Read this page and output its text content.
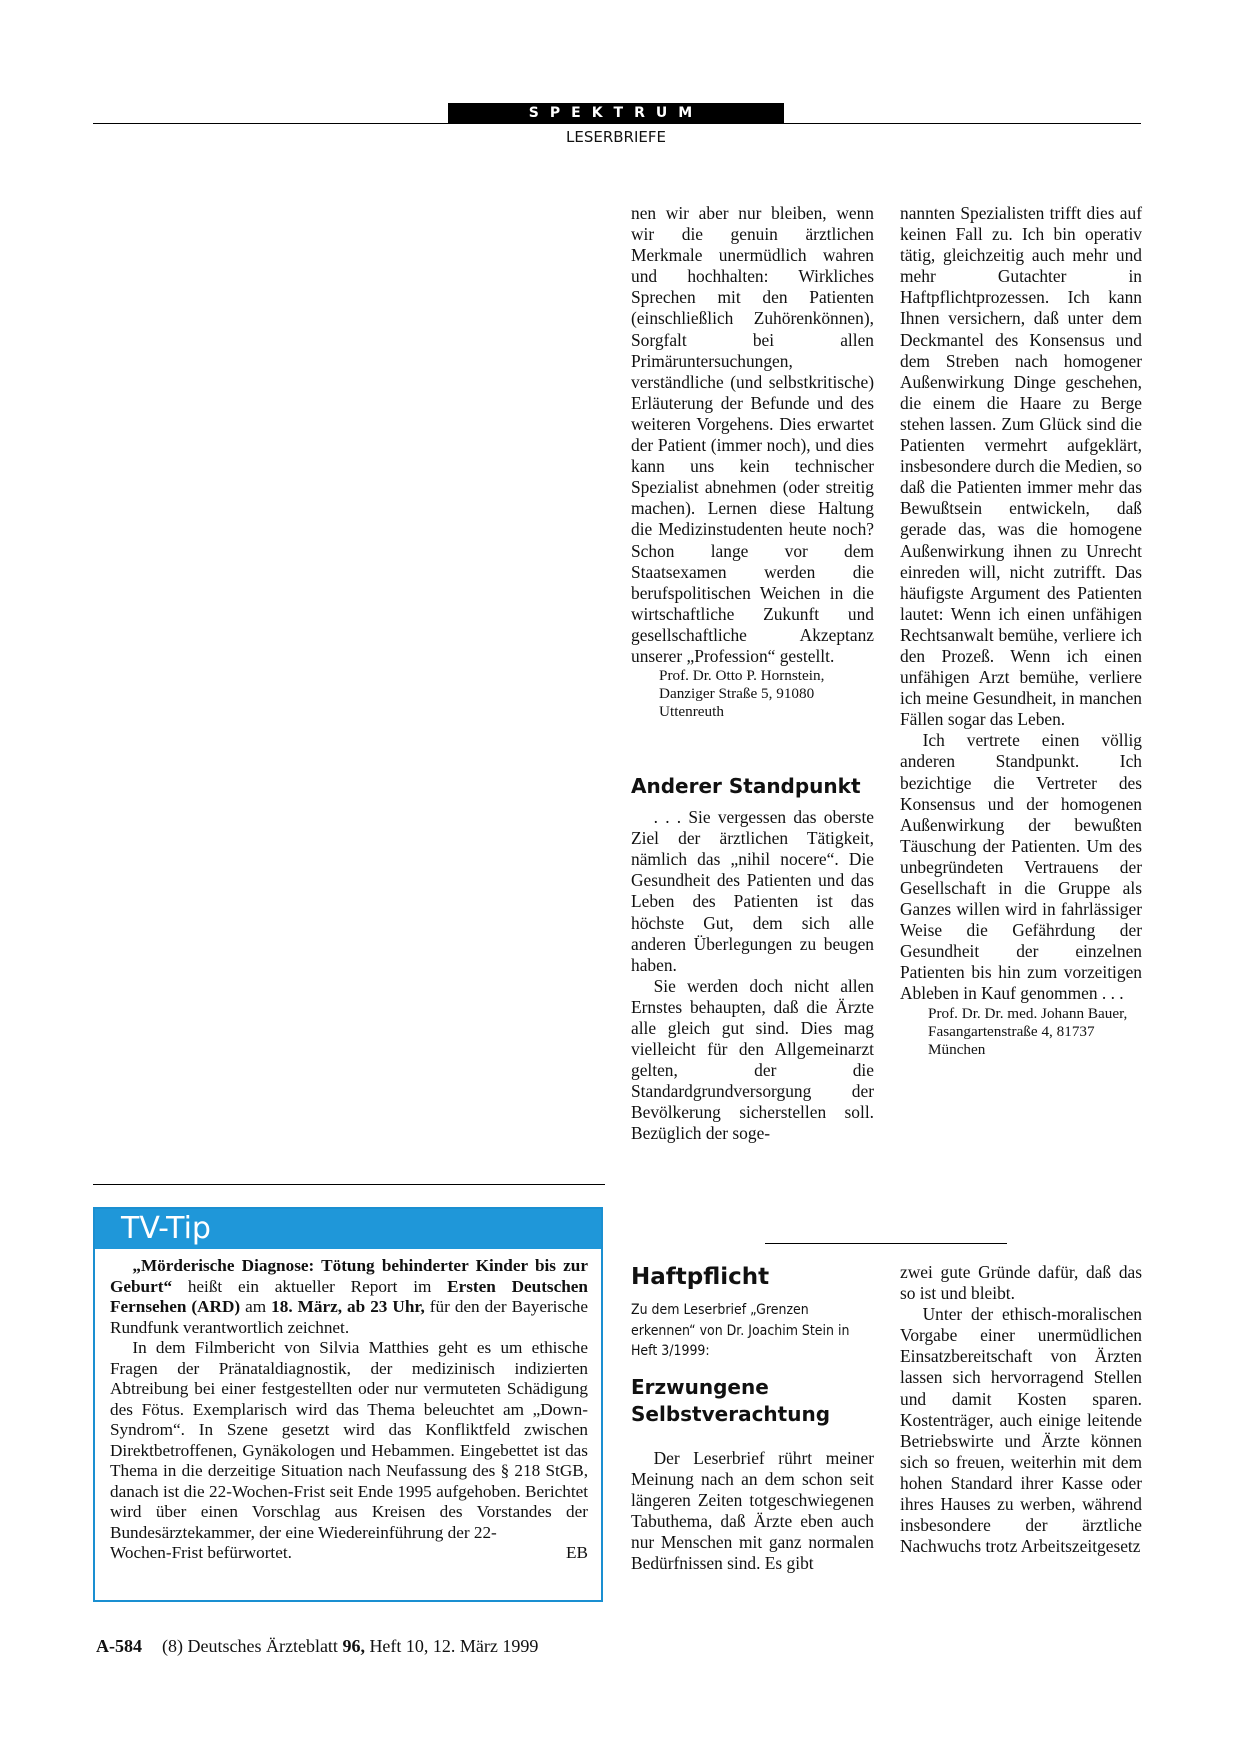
SPEKTRUM
LESERBRIEFE

nen wir aber nur bleiben, wenn wir die genuin ärztlichen Merkmale unermüdlich wahren und hochhalten: Wirkliches Sprechen mit den Patienten (einschließlich Zuhörenkönnen), Sorgfalt bei allen Primäruntersuchungen, verständliche (und selbstkritische) Erläuterung der Befunde und des weiteren Vorgehens. Dies erwartet der Patient (immer noch), und dies kann uns kein technischer Spezialist abnehmen (oder streitig machen). Lernen diese Haltung die Medizinstudenten heute noch? Schon lange vor dem Staatsexamen werden die berufspolitischen Weichen in die wirtschaftliche Zukunft und gesellschaftliche Akzeptanz unserer „Profession“ gestellt.

Prof. Dr. Otto P. Hornstein, Danziger Straße 5, 91080 Uttenreuth

Anderer Standpunkt

. . . Sie vergessen das oberste Ziel der ärztlichen Tätigkeit, nämlich das „nihil nocere“. Die Gesundheit des Patienten und das Leben des Patienten ist das höchste Gut, dem sich alle anderen Überlegungen zu beugen haben.

Sie werden doch nicht allen Ernstes behaupten, daß die Ärzte alle gleich gut sind. Dies mag vielleicht für den Allgemeinarzt gelten, der die Standardgrundversorgung der Bevölkerung sicherstellen soll. Bezüglich der soge-

nannten Spezialisten trifft dies auf keinen Fall zu. Ich bin operativ tätig, gleichzeitig auch mehr und mehr Gutachter in Haftpflichtprozessen. Ich kann Ihnen versichern, daß unter dem Deckmantel des Konsensus und dem Streben nach homogener Außenwirkung Dinge geschehen, die einem die Haare zu Berge stehen lassen. Zum Glück sind die Patienten vermehrt aufgeklärt, insbesondere durch die Medien, so daß die Patienten immer mehr das Bewußtsein entwickeln, daß gerade das, was die homogene Außenwirkung ihnen zu Unrecht einreden will, nicht zutrifft. Das häufigste Argument des Patienten lautet: Wenn ich einen unfähigen Rechtsanwalt bemühe, verliere ich den Prozeß. Wenn ich einen unfähigen Arzt bemühe, verliere ich meine Gesundheit, in manchen Fällen sogar das Leben.

Ich vertrete einen völlig anderen Standpunkt. Ich bezichtige die Vertreter des Konsensus und der homogenen Außenwirkung der bewußten Täuschung der Patienten. Um des unbegründeten Vertrauens der Gesellschaft in die Gruppe als Ganzes willen wird in fahrlässiger Weise die Gefährdung der Gesundheit der einzelnen Patienten bis hin zum vorzeitigen Ableben in Kauf genommen . . .

Prof. Dr. Dr. med. Johann Bauer, Fasangartenstraße 4, 81737 München

Haftpflicht
Zu dem Leserbrief „Grenzen erkennen“ von Dr. Joachim Stein in Heft 3/1999:
Erzwungene Selbstverachtung

Der Leserbrief rührt meiner Meinung nach an dem schon seit längeren Zeiten totgeschwiegenen Tabuthema, daß Ärzte eben auch nur Menschen mit ganz normalen Bedürfnissen sind. Es gibt

zwei gute Gründe dafür, daß das so ist und bleibt.

Unter der ethisch-moralischen Vorgabe einer unermüdlichen Einsatzbereitschaft von Ärzten lassen sich hervorragend Stellen und damit Kosten sparen. Kostenträger, auch einige leitende Betriebswirte und Ärzte können sich so freuen, weiterhin mit dem hohen Standard ihrer Kasse oder ihres Hauses zu werben, während insbesondere der ärztliche Nachwuchs trotz Arbeitszeitgesetz

TV-Tip

„Mörderische Diagnose: Tötung behinderter Kinder bis zur Geburt“ heißt ein aktueller Report im Ersten Deutschen Fernsehen (ARD) am 18. März, ab 23 Uhr, für den der Bayerische Rundfunk verantwortlich zeichnet.

In dem Filmbericht von Silvia Matthies geht es um ethische Fragen der Pränataldiagnostik, der medizinisch indizierten Abtreibung bei einer festgestellten oder nur vermuteten Schädigung des Fötus. Exemplarisch wird das Thema beleuchtet am „Down-Syndrom“. In Szene gesetzt wird das Konfliktfeld zwischen Direktbetroffenen, Gynäkologen und Hebammen. Eingebettet ist das Thema in die derzeitige Situation nach Neufassung des § 218 StGB, danach ist die 22-Wochen-Frist seit Ende 1995 aufgehoben. Berichtet wird über einen Vorschlag aus Kreisen des Vorstandes der Bundesärztekammer, der eine Wiedereinführung der 22-

Wochen-Frist befürwortet.	EB
A-584 (8) Deutsches Ärzteblatt 96, Heft 10, 12. März 1999
